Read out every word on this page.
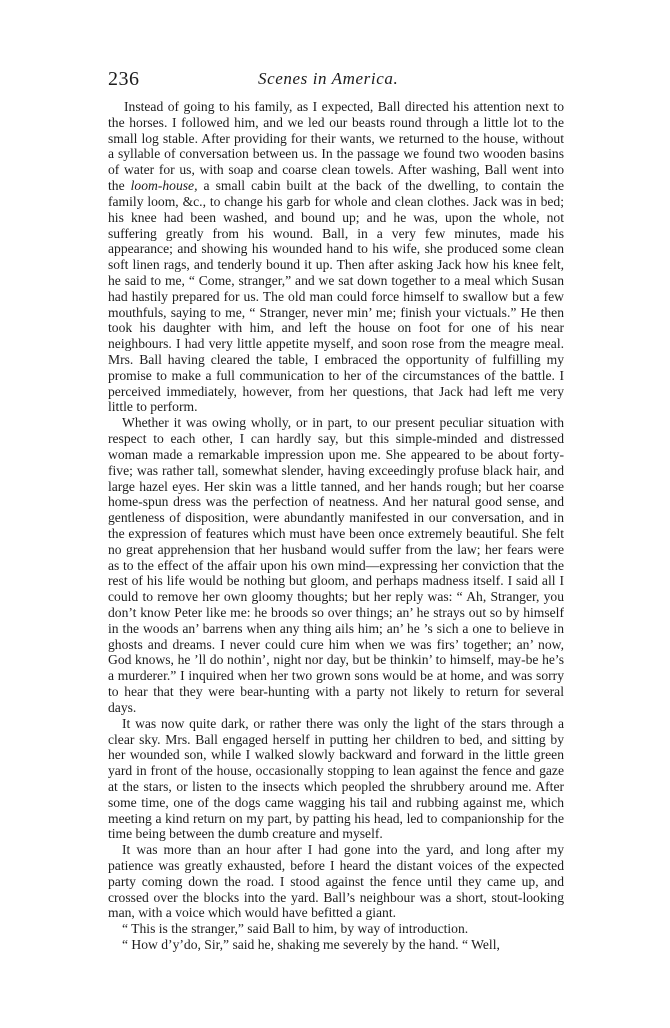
236	Scenes in America.

Instead of going to his family, as I expected, Ball directed his attention next to the horses. I followed him, and we led our beasts round through a little lot to the small log stable. After providing for their wants, we returned to the house, without a syllable of conversation between us. In the passage we found two wooden basins of water for us, with soap and coarse clean towels. After washing, Ball went into the loom-house, a small cabin built at the back of the dwelling, to contain the family loom, &c., to change his garb for whole and clean clothes. Jack was in bed; his knee had been washed, and bound up; and he was, upon the whole, not suffering greatly from his wound. Ball, in a very few minutes, made his appearance; and showing his wounded hand to his wife, she produced some clean soft linen rags, and tenderly bound it up. Then after asking Jack how his knee felt, he said to me, “ Come, stranger,” and we sat down together to a meal which Susan had hastily prepared for us. The old man could force himself to swallow but a few mouthfuls, saying to me, “ Stranger, never min’ me; finish your victuals.” He then took his daughter with him, and left the house on foot for one of his near neighbours. I had very little appetite myself, and soon rose from the meagre meal. Mrs. Ball having cleared the table, I embraced the opportunity of fulfilling my promise to make a full communication to her of the circumstances of the battle. I perceived immediately, however, from her questions, that Jack had left me very little to perform.

Whether it was owing wholly, or in part, to our present peculiar situation with respect to each other, I can hardly say, but this simple-minded and distressed woman made a remarkable impression upon me. She appeared to be about forty-five; was rather tall, somewhat slender, having exceedingly profuse black hair, and large hazel eyes. Her skin was a little tanned, and her hands rough; but her coarse home-spun dress was the perfection of neatness. And her natural good sense, and gentleness of disposition, were abundantly manifested in our conversation, and in the expression of features which must have been once extremely beautiful. She felt no great apprehension that her husband would suffer from the law; her fears were as to the effect of the affair upon his own mind—expressing her conviction that the rest of his life would be nothing but gloom, and perhaps madness itself. I said all I could to remove her own gloomy thoughts; but her reply was: “ Ah, Stranger, you don’t know Peter like me: he broods so over things; an’ he strays out so by himself in the woods an’ barrens when any thing ails him; an’ he ’s sich a one to believe in ghosts and dreams. I never could cure him when we was firs’ together; an’ now, God knows, he ’ll do nothin’, night nor day, but be thinkin’ to himself, may-be he’s a murderer.” I inquired when her two grown sons would be at home, and was sorry to hear that they were bear-hunting with a party not likely to return for several days.

It was now quite dark, or rather there was only the light of the stars through a clear sky. Mrs. Ball engaged herself in putting her children to bed, and sitting by her wounded son, while I walked slowly backward and forward in the little green yard in front of the house, occasionally stopping to lean against the fence and gaze at the stars, or listen to the insects which peopled the shrubbery around me. After some time, one of the dogs came wagging his tail and rubbing against me, which meeting a kind return on my part, by patting his head, led to companionship for the time being between the dumb creature and myself.

It was more than an hour after I had gone into the yard, and long after my patience was greatly exhausted, before I heard the distant voices of the expected party coming down the road. I stood against the fence until they came up, and crossed over the blocks into the yard. Ball’s neighbour was a short, stout-looking man, with a voice which would have befitted a giant.

“ This is the stranger,” said Ball to him, by way of introduction.

“ How d’y’do, Sir,” said he, shaking me severely by the hand. “ Well,
